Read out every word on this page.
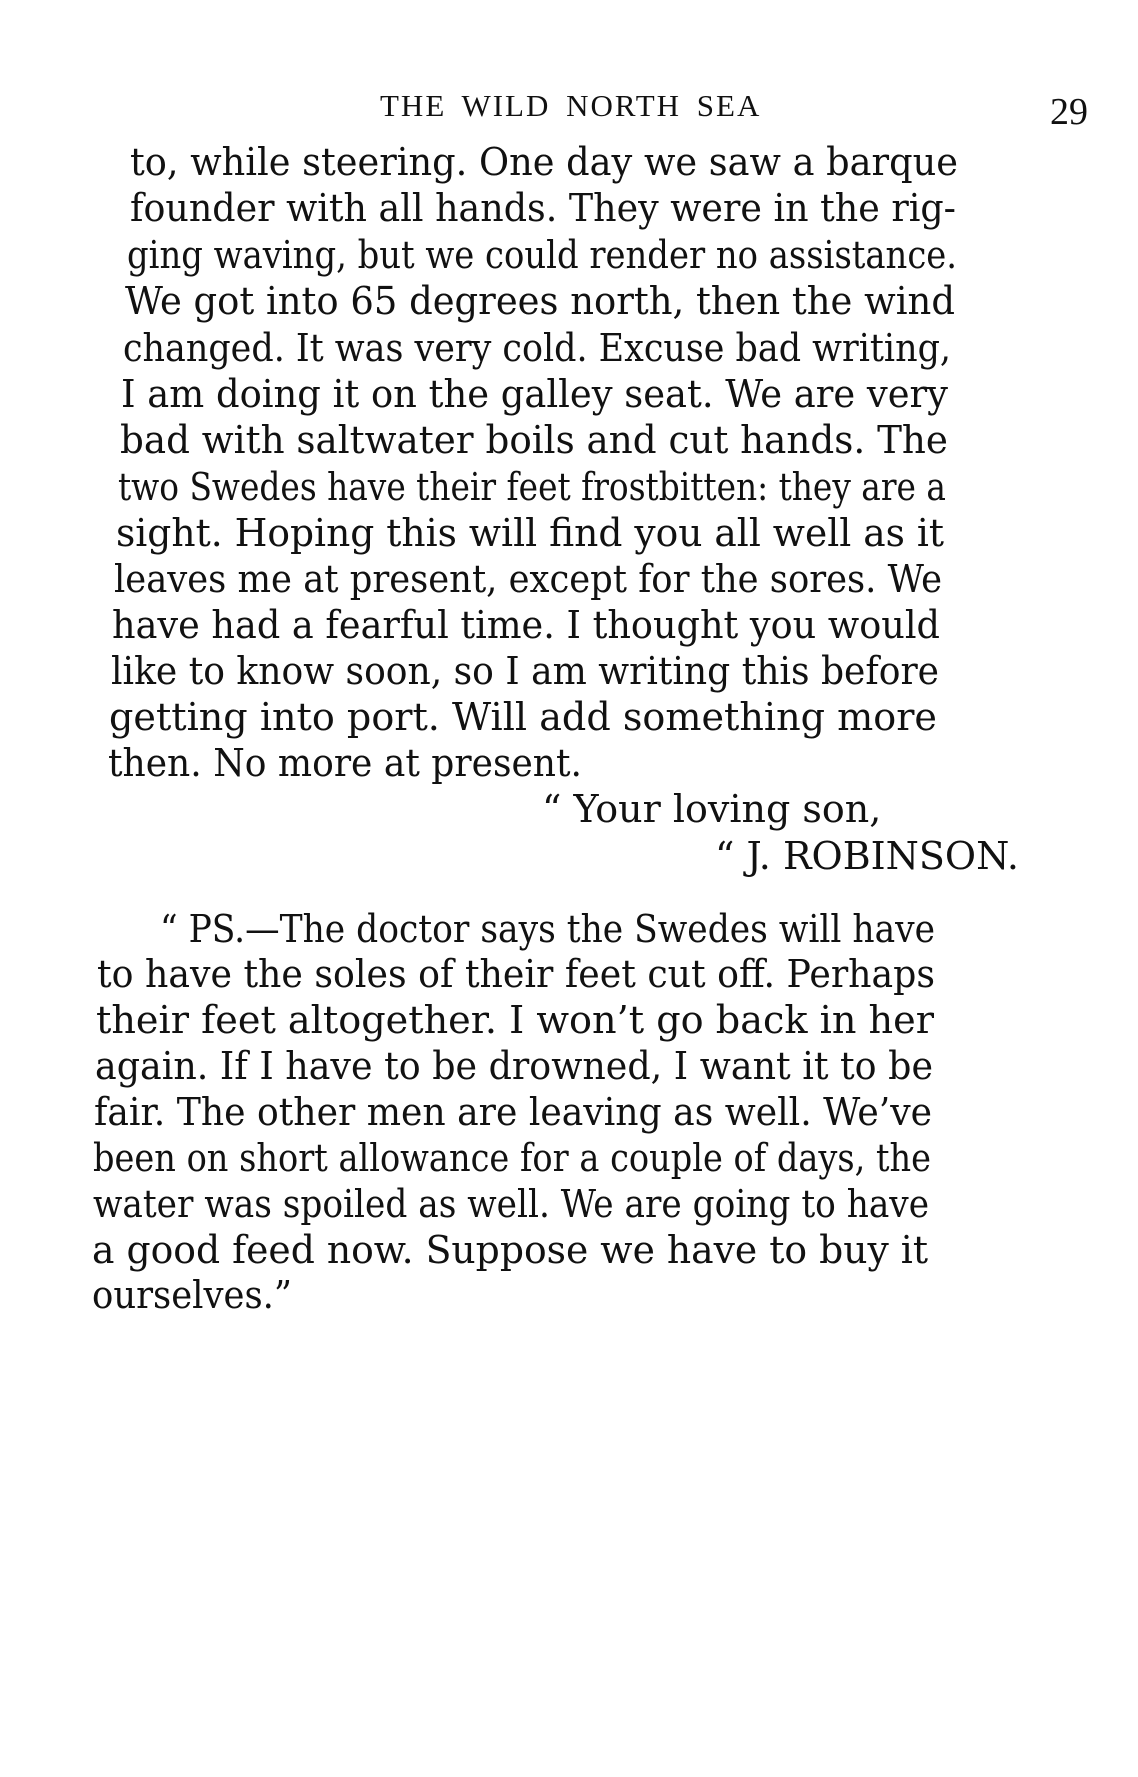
THE WILD NORTH SEA	29
to, while steering. One day we saw a barque
founder with all hands. They were in the rig-
ging waving, but we could render no assistance.
We got into 65 degrees north, then the wind
changed. It was very cold. Excuse bad writing,
I am doing it on the galley seat. We are very
bad with saltwater boils and cut hands. The
two Swedes have their feet frostbitten: they are a
sight. Hoping this will find you all well as it
leaves me at present, except for the sores. We
have had a fearful time. I thought you would
like to know soon, so I am writing this before
getting into port. Will add something more
then. No more at present.
“ Your loving son,
“ J. ROBINSON.
“ PS.—The doctor says the Swedes will have
to have the soles of their feet cut off. Perhaps
their feet altogether. I won’t go back in her
again. If I have to be drowned, I want it to be
fair. The other men are leaving as well. We’ve
been on short allowance for a couple of days, the
water was spoiled as well. We are going to have
a good feed now. Suppose we have to buy it
ourselves.”
